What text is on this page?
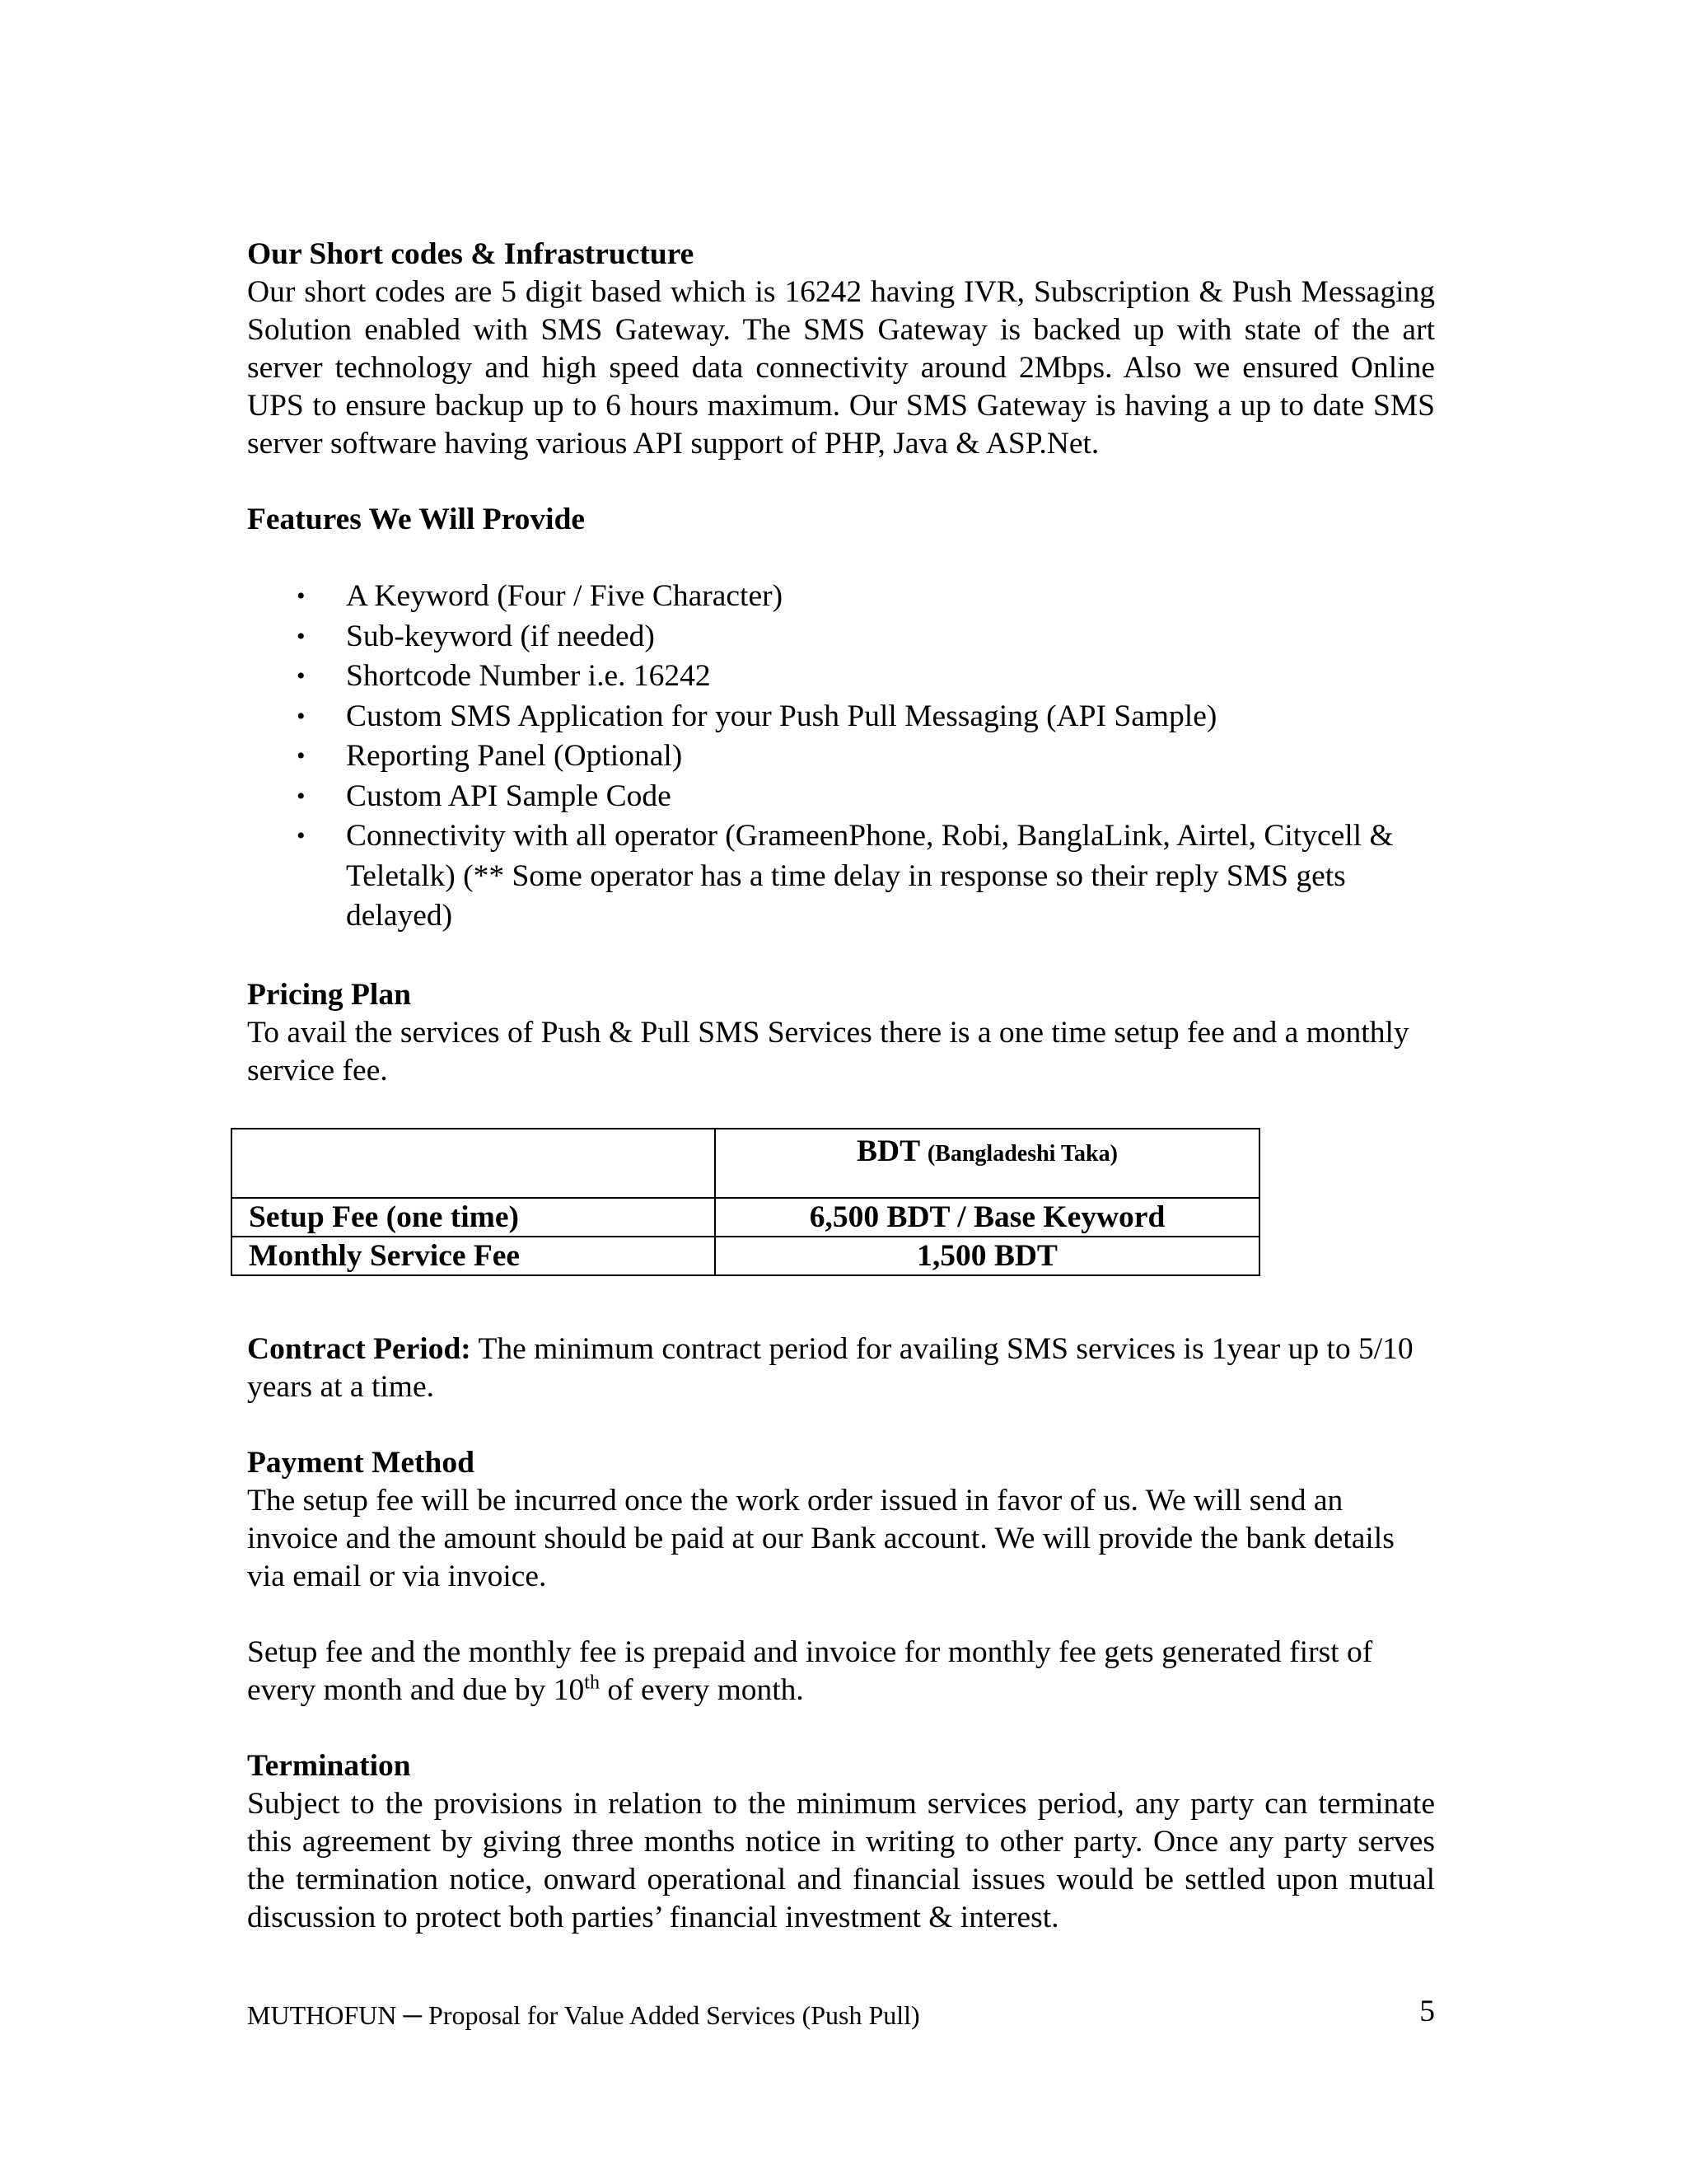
Our Short codes & Infrastructure

Our short codes are 5 digit based which is 16242 having IVR, Subscription & Push Messaging Solution enabled with SMS Gateway. The SMS Gateway is backed up with state of the art server technology and high speed data connectivity around 2Mbps. Also we ensured Online UPS to ensure backup up to 6 hours maximum. Our SMS Gateway is having a up to date SMS server software having various API support of PHP, Java & ASP.Net.

Features We Will Provide
• A Keyword (Four / Five Character)
• Sub-keyword (if needed)
• Shortcode Number i.e. 16242
• Custom SMS Application for your Push Pull Messaging (API Sample)
• Reporting Panel (Optional)
• Custom API Sample Code
• Connectivity with all operator (GrameenPhone, Robi, BanglaLink, Airtel, Citycell & Teletalk) (** Some operator has a time delay in response so their reply SMS gets delayed)
Pricing Plan

To avail the services of Push & Pull SMS Services there is a one time setup fee and a monthly service fee.

	BDT (Bangladeshi Taka)
Setup Fee (one time)	6,500 BDT / Base Keyword
Monthly Service Fee	1,500 BDT

Contract Period: The minimum contract period for availing SMS services is 1year up to 5/10 years at a time.

Payment Method

The setup fee will be incurred once the work order issued in favor of us. We will send an invoice and the amount should be paid at our Bank account. We will provide the bank details via email or via invoice.

Setup fee and the monthly fee is prepaid and invoice for monthly fee gets generated first of every month and due by 10th of every month.

Termination

Subject to the provisions in relation to the minimum services period, any party can terminate this agreement by giving three months notice in writing to other party. Once any party serves the termination notice, onward operational and financial issues would be settled upon mutual discussion to protect both parties’ financial investment & interest.

MUTHOFUN ─ Proposal for Value Added Services (Push Pull)	5
